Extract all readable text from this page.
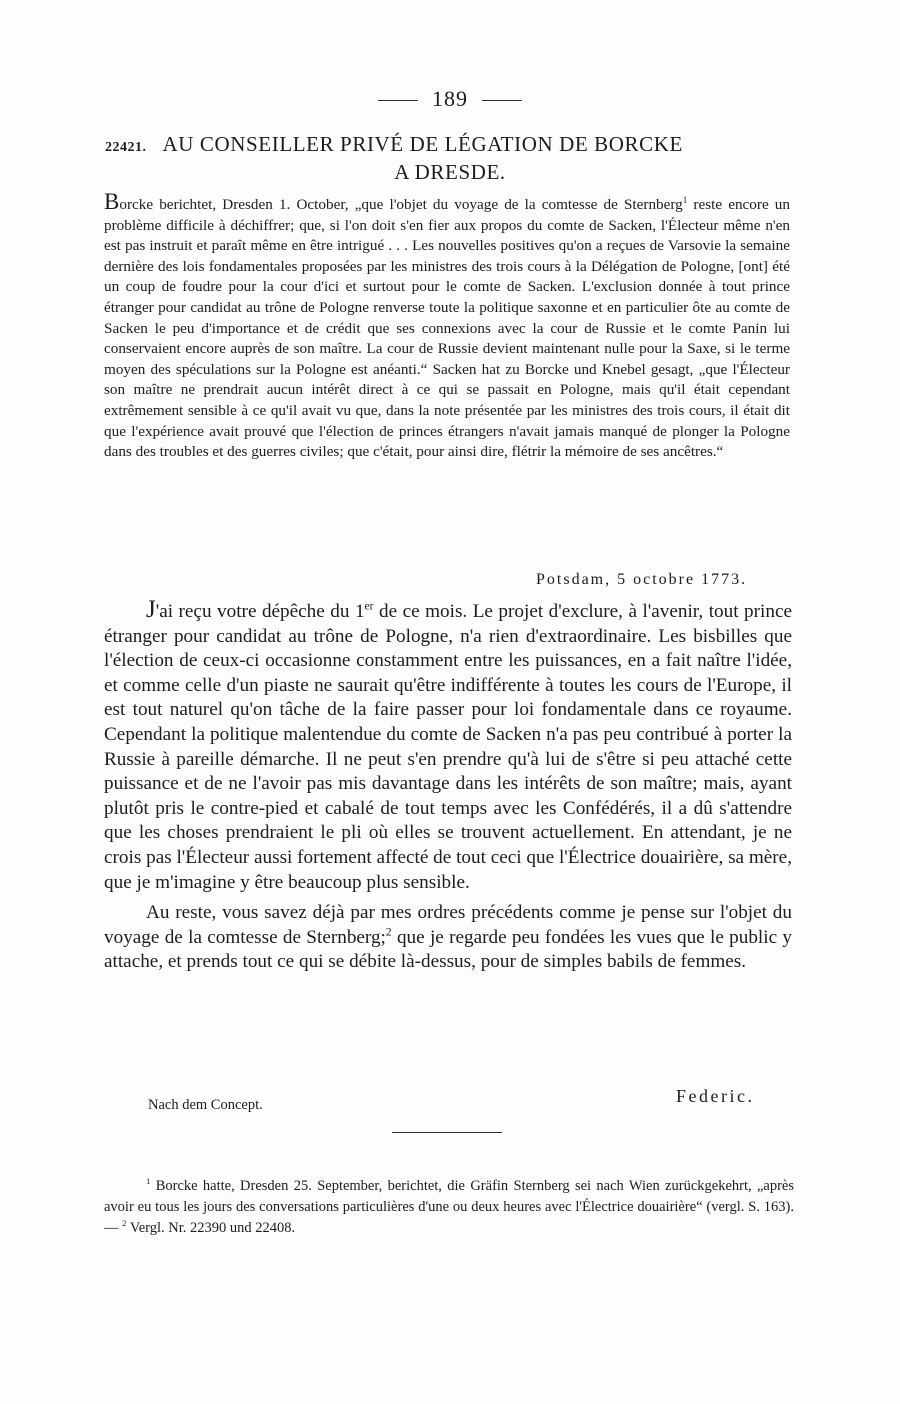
189
22421. AU CONSEILLER PRIVÉ DE LÉGATION DE BORCKE
A DRESDE.
Borcke berichtet, Dresden 1. October, „que l'objet du voyage de la comtesse de Sternberg$^1$ reste encore un problème difficile à déchiffrer; que, si l'on doit s'en fier aux propos du comte de Sacken, l'Électeur même n'en est pas instruit et paraît même en être intrigué . . . Les nouvelles positives qu'on a reçues de Varsovie la semaine dernière des lois fondamentales proposées par les ministres des trois cours à la Délégation de Pologne, [ont] été un coup de foudre pour la cour d'ici et surtout pour le comte de Sacken. L'exclusion donnée à tout prince étranger pour candidat au trône de Pologne renverse toute la politique saxonne et en particulier ôte au comte de Sacken le peu d'importance et de crédit que ses connexions avec la cour de Russie et le comte Panin lui conservaient encore auprès de son maître. La cour de Russie devient maintenant nulle pour la Saxe, si le terme moyen des spéculations sur la Pologne est anéanti.“ Sacken hat zu Borcke und Knebel gesagt, „que l'Électeur son maître ne prendrait aucun intérêt direct à ce qui se passait en Pologne, mais qu'il était cependant extrêmement sensible à ce qu'il avait vu que, dans la note présentée par les ministres des trois cours, il était dit que l'expérience avait prouvé que l'élection de princes étrangers n'avait jamais manqué de plonger la Pologne dans des troubles et des guerres civiles; que c'était, pour ainsi dire, flétrir la mémoire de ses ancêtres.“
Potsdam, 5 octobre 1773.

J'ai reçu votre dépêche du 1er de ce mois. Le projet d'exclure, à l'avenir, tout prince étranger pour candidat au trône de Pologne, n'a rien d'extraordinaire. Les bisbilles que l'élection de ceux-ci occasionne constamment entre les puissances, en a fait naître l'idée, et comme celle d'un piaste ne saurait qu'être indifférente à toutes les cours de l'Europe, il est tout naturel qu'on tâche de la faire passer pour loi fondamentale dans ce royaume. Cependant la politique malentendue du comte de Sacken n'a pas peu contribué à porter la Russie à pareille démarche. Il ne peut s'en prendre qu'à lui de s'être si peu attaché cette puissance et de ne l'avoir pas mis davantage dans les intérêts de son maître; mais, ayant plutôt pris le contre-pied et cabalé de tout temps avec les Confédérés, il a dû s'attendre que les choses prendraient le pli où elles se trouvent actuellement. En attendant, je ne crois pas l'Électeur aussi fortement affecté de tout ceci que l'Électrice douairière, sa mère, que je m'imagine y être beaucoup plus sensible.

Au reste, vous savez déjà par mes ordres précédents comme je pense sur l'objet du voyage de la comtesse de Sternberg;$^2$ que je regarde peu fondées les vues que le public y attache, et prends tout ce qui se débite là-dessus, pour de simples babils de femmes.

Nach dem Concept.	Federic.

$^1$ Borcke hatte, Dresden 25. September, berichtet, die Gräfin Sternberg sei nach Wien zurückgekehrt, „après avoir eu tous les jours des conversations particulières d'une ou deux heures avec l'Électrice douairière“ (vergl. S. 163). — $^2$ Vergl. Nr. 22390 und 22408.
